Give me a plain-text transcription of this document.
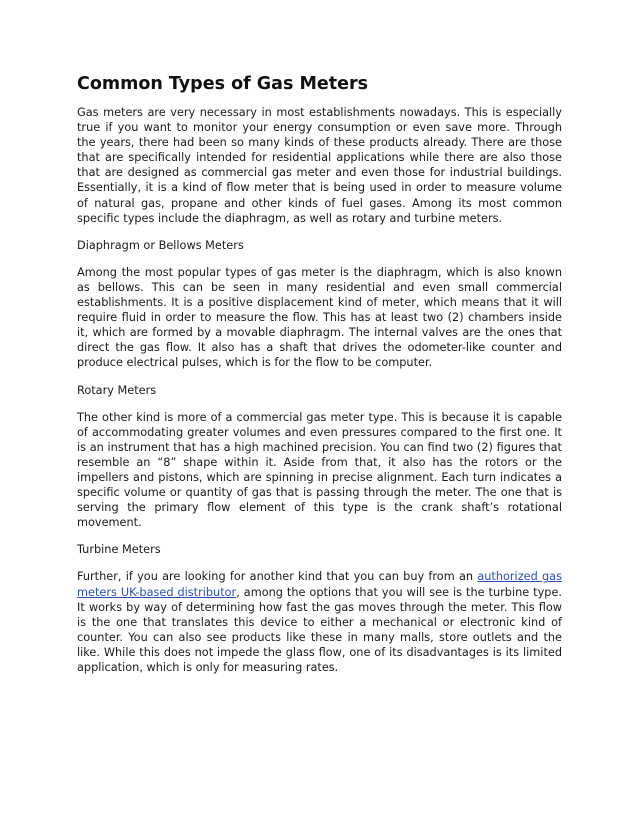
Common Types of Gas Meters

Gas meters are very necessary in most establishments nowadays. This is especially true if you want to monitor your energy consumption or even save more. Through the years, there had been so many kinds of these products already. There are those that are specifically intended for residential applications while there are also those that are designed as commercial gas meter and even those for industrial buildings. Essentially, it is a kind of flow meter that is being used in order to measure volume of natural gas, propane and other kinds of fuel gases. Among its most common specific types include the diaphragm, as well as rotary and turbine meters.

Diaphragm or Bellows Meters

Among the most popular types of gas meter is the diaphragm, which is also known as bellows. This can be seen in many residential and even small commercial establishments. It is a positive displacement kind of meter, which means that it will require fluid in order to measure the flow. This has at least two (2) chambers inside it, which are formed by a movable diaphragm. The internal valves are the ones that direct the gas flow. It also has a shaft that drives the odometer-like counter and produce electrical pulses, which is for the flow to be computer.

Rotary Meters

The other kind is more of a commercial gas meter type. This is because it is capable of accommodating greater volumes and even pressures compared to the first one. It is an instrument that has a high machined precision. You can find two (2) figures that resemble an “8” shape within it. Aside from that, it also has the rotors or the impellers and pistons, which are spinning in precise alignment. Each turn indicates a specific volume or quantity of gas that is passing through the meter. The one that is serving the primary flow element of this type is the crank shaft’s rotational movement.

Turbine Meters

Further, if you are looking for another kind that you can buy from an authorized gas meters UK-based distributor, among the options that you will see is the turbine type. It works by way of determining how fast the gas moves through the meter. This flow is the one that translates this device to either a mechanical or electronic kind of counter. You can also see products like these in many malls, store outlets and the like. While this does not impede the glass flow, one of its disadvantages is its limited application, which is only for measuring rates.
